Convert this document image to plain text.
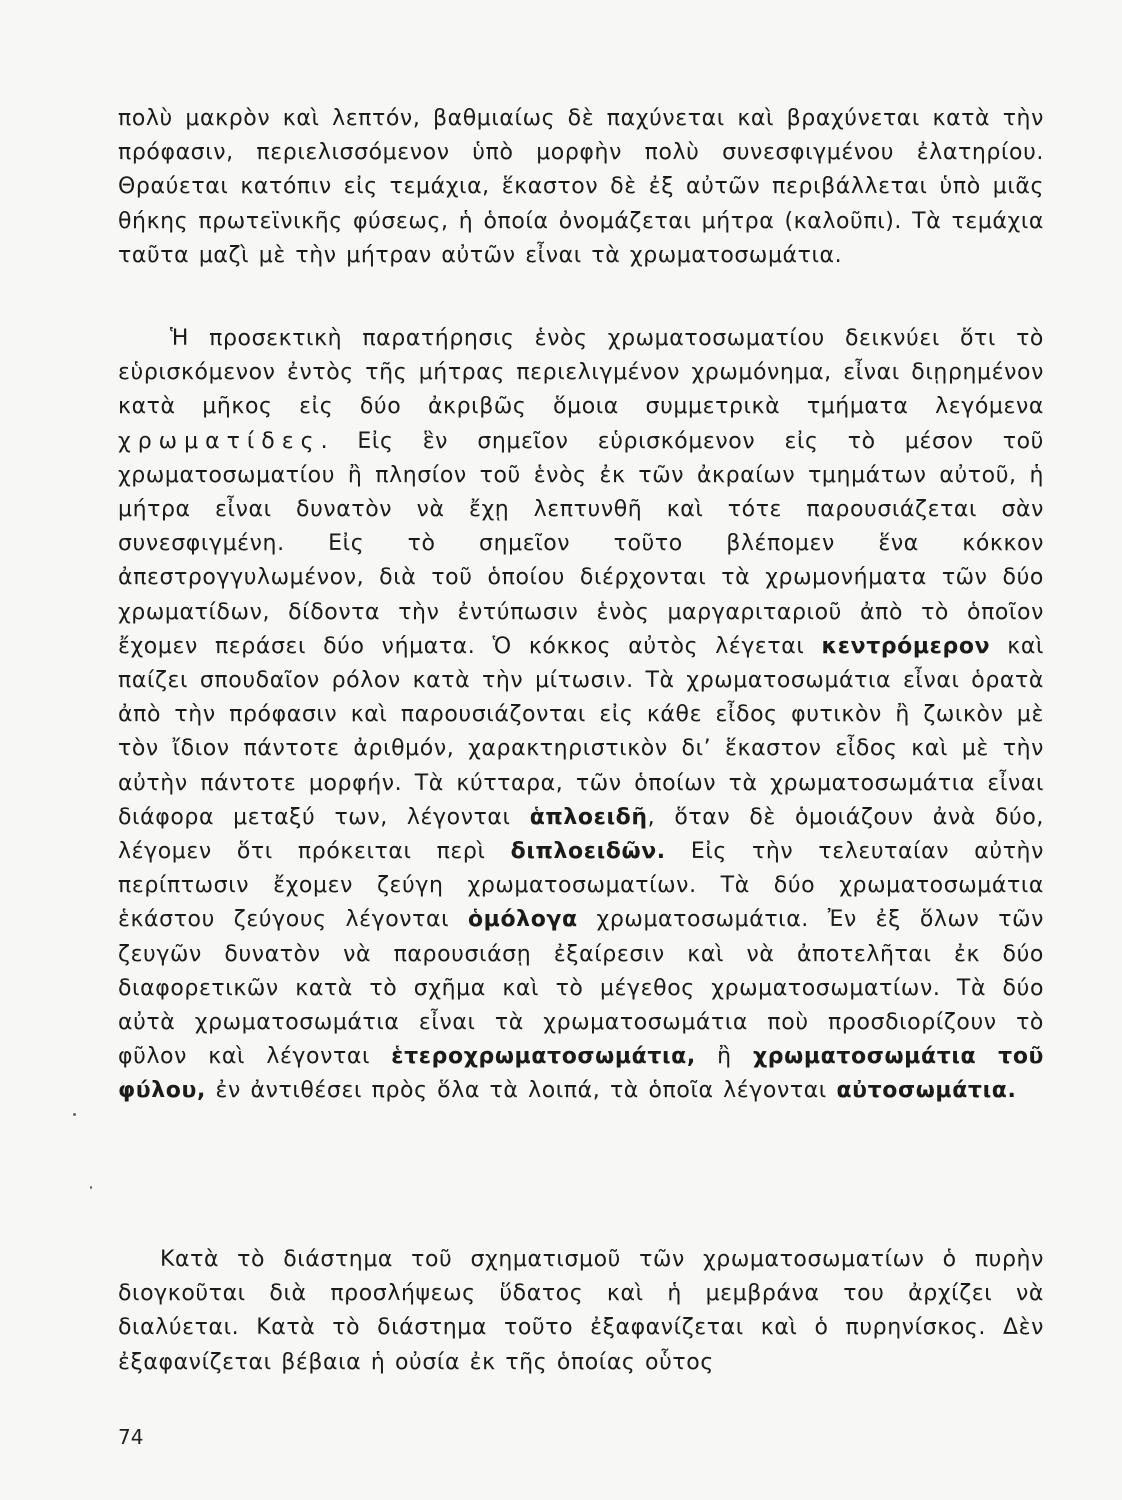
πολὺ μακρὸν καὶ λεπτόν, βαθμιαίως δὲ παχύνεται καὶ βραχύνεται κατὰ τὴν πρόφασιν, περιελισσόμενον ὑπὸ μορφὴν πολὺ συνεσφιγμένου ἐλατηρίου. Θραύεται κατόπιν εἰς τεμάχια, ἕκαστον δὲ ἐξ αὐτῶν περιβάλλεται ὑπὸ μιᾶς θήκης πρωτεϊνικῆς φύσεως, ἡ ὁποία ὀνομάζεται μήτρα (καλοῦπι). Τὰ τεμάχια ταῦτα μαζὶ μὲ τὴν μήτραν αὐτῶν εἶναι τὰ χρωματοσωμάτια.

Ἡ προσεκτικὴ παρατήρησις ἑνὸς χρωματοσωματίου δεικνύει ὅτι τὸ εὑρισκόμενον ἐντὸς τῆς μήτρας περιελιγμένον χρωμόνημα, εἶναι διῃρημένον κατὰ μῆκος εἰς δύο ἀκριβῶς ὅμοια συμμετρικὰ τμήματα λεγόμενα χρωματίδες. Εἰς ἓν σημεῖον εὑρισκόμενον εἰς τὸ μέσον τοῦ χρωματοσωματίου ἢ πλησίον τοῦ ἑνὸς ἐκ τῶν ἀκραίων τμημάτων αὐτοῦ, ἡ μήτρα εἶναι δυνατὸν νὰ ἔχῃ λεπτυνθῆ καὶ τότε παρουσιάζεται σὰν συνεσφιγμένη. Εἰς τὸ σημεῖον τοῦτο βλέπομεν ἕνα κόκκον ἀπεστρογγυλωμένον, διὰ τοῦ ὁποίου διέρχονται τὰ χρωμονήματα τῶν δύο χρωματίδων, δίδοντα τὴν ἐντύπωσιν ἑνὸς μαργαριταριοῦ ἀπὸ τὸ ὁποῖον ἔχομεν περάσει δύο νήματα. Ὁ κόκκος αὐτὸς λέγεται κεντρόμερον καὶ παίζει σπουδαῖον ρόλον κατὰ τὴν μίτωσιν. Τὰ χρωματοσωμάτια εἶναι ὁρατὰ ἀπὸ τὴν πρόφασιν καὶ παρουσιάζονται εἰς κάθε εἶδος φυτικὸν ἢ ζωικὸν μὲ τὸν ἴδιον πάντοτε ἀριθμόν, χαρακτηριστικὸν δι’ ἕκαστον εἶδος καὶ μὲ τὴν αὐτὴν πάντοτε μορφήν. Τὰ κύτταρα, τῶν ὁποίων τὰ χρωματοσωμάτια εἶναι διάφορα μεταξύ των, λέγονται ἁπλοειδῆ, ὅταν δὲ ὁμοιάζουν ἀνὰ δύο, λέγομεν ὅτι πρόκειται περὶ διπλοειδῶν. Εἰς τὴν τελευταίαν αὐτὴν περίπτωσιν ἔχομεν ζεύγη χρωματοσωματίων. Τὰ δύο χρωματοσωμάτια ἑκάστου ζεύγους λέγονται ὁμόλογα χρωματοσωμάτια. Ἐν ἐξ ὅλων τῶν ζευγῶν δυνατὸν νὰ παρουσιάσῃ ἐξαίρεσιν καὶ νὰ ἀποτελῆται ἐκ δύο διαφορετικῶν κατὰ τὸ σχῆμα καὶ τὸ μέγεθος χρωματοσωματίων. Τὰ δύο αὐτὰ χρωματοσωμάτια εἶναι τὰ χρωματοσωμάτια ποὺ προσδιορίζουν τὸ φῦλον καὶ λέγονται ἑτεροχρωματοσωμάτια, ἢ χρωματοσωμάτια τοῦ φύλου, ἐν ἀντιθέσει πρὸς ὅλα τὰ λοιπά, τὰ ὁποῖα λέγονται αὐτοσωμάτια.

Κατὰ τὸ διάστημα τοῦ σχηματισμοῦ τῶν χρωματοσωματίων ὁ πυρὴν διογκοῦται διὰ προσλήψεως ὕδατος καὶ ἡ μεμβράνα του ἀρχίζει νὰ διαλύεται. Κατὰ τὸ διάστημα τοῦτο ἐξαφανίζεται καὶ ὁ πυρηνίσκος. Δὲν ἐξαφανίζεται βέβαια ἡ οὐσία ἐκ τῆς ὁποίας οὗτος

74
